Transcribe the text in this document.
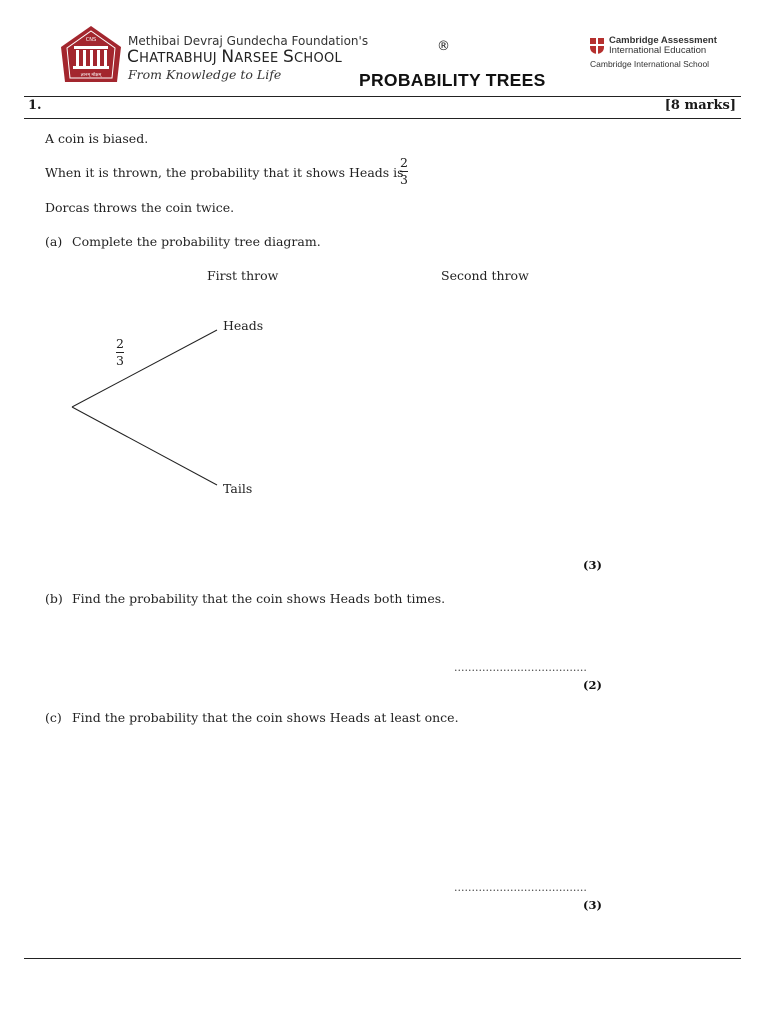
CNS
ज्ञानम् मोक्षम्
Methibai Devraj Gundecha Foundation's
CHATRABHUJ NARSEE SCHOOL
®
From Knowledge to Life	PROBABILITY TREES
Cambridge Assessment
International Education
Cambridge International School
1.	[8 marks]
A coin is biased.
When it is thrown, the probability that it shows Heads is
2
3
Dorcas throws the coin twice.
(a) Complete the probability tree diagram.
First throw	Second throw
2
3
Heads
Tails
(3)
(b) Find the probability that the coin shows Heads both times.
......................................
(2)
(c) Find the probability that the coin shows Heads at least once.
......................................
(3)
